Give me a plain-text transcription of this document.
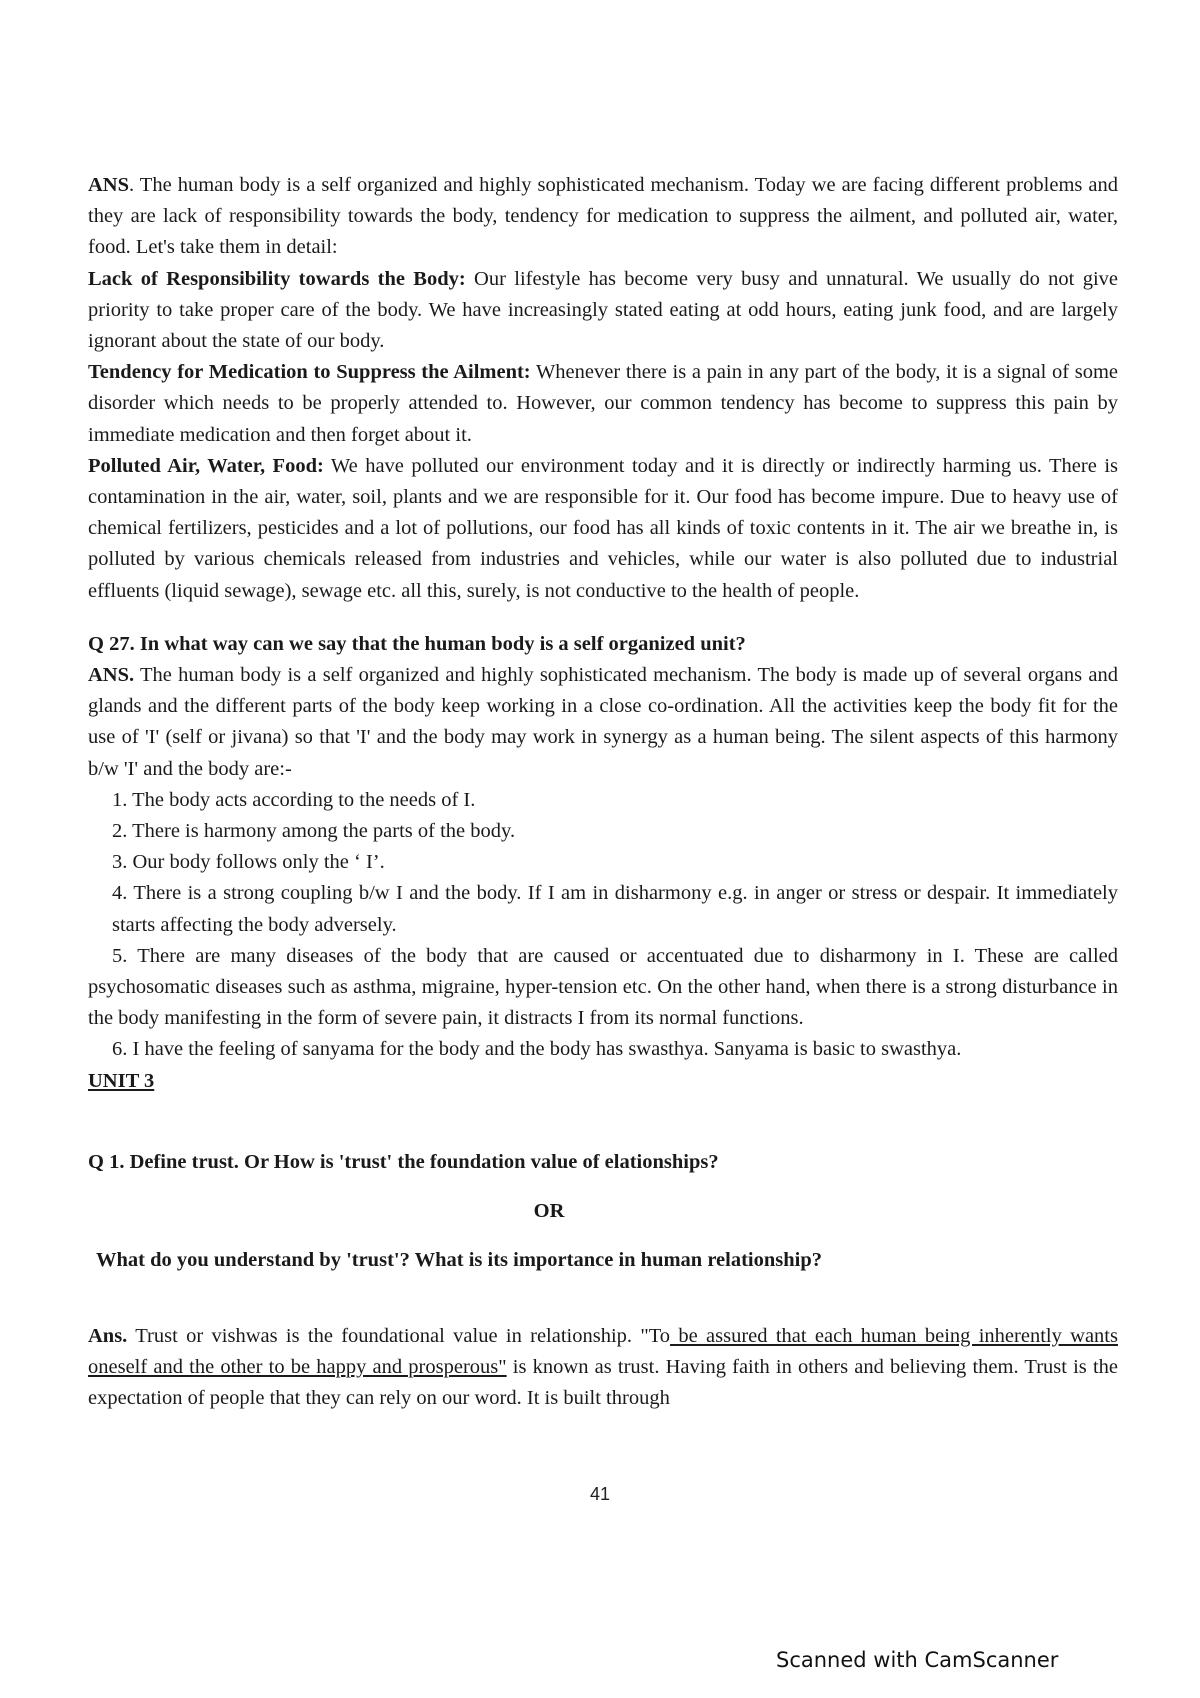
ANS. The human body is a self organized and highly sophisticated mechanism. Today we are facing different problems and they are lack of responsibility towards the body, tendency for medication to suppress the ailment, and polluted air, water, food. Let's take them in detail:

Lack of Responsibility towards the Body: Our lifestyle has become very busy and unnatural. We usually do not give priority to take proper care of the body. We have increasingly stated eating at odd hours, eating junk food, and are largely ignorant about the state of our body.

Tendency for Medication to Suppress the Ailment: Whenever there is a pain in any part of the body, it is a signal of some disorder which needs to be properly attended to. However, our common tendency has become to suppress this pain by immediate medication and then forget about it.

Polluted Air, Water, Food: We have polluted our environment today and it is directly or indirectly harming us. There is contamination in the air, water, soil, plants and we are responsible for it. Our food has become impure. Due to heavy use of chemical fertilizers, pesticides and a lot of pollutions, our food has all kinds of toxic contents in it. The air we breathe in, is polluted by various chemicals released from industries and vehicles, while our water is also polluted due to industrial effluents (liquid sewage), sewage etc. all this, surely, is not conductive to the health of people.

Q 27. In what way can we say that the human body is a self organized unit?

ANS. The human body is a self organized and highly sophisticated mechanism. The body is made up of several organs and glands and the different parts of the body keep working in a close co-ordination. All the activities keep the body fit for the use of 'I' (self or jivana) so that 'I' and the body may work in synergy as a human being. The silent aspects of this harmony b/w 'I' and the body are:-

1. The body acts according to the needs of I.

2. There is harmony among the parts of the body.

3. Our body follows only the ‘ I’.

4. There is a strong coupling b/w I and the body. If I am in disharmony e.g. in anger or stress or despair. It immediately starts affecting the body adversely.

5. There are many diseases of the body that are caused or accentuated due to disharmony in I. These are called psychosomatic diseases such as asthma, migraine, hyper-tension etc. On the other hand, when there is a strong disturbance in the body manifesting in the form of severe pain, it distracts I from its normal functions.

6. I have the feeling of sanyama for the body and the body has swasthya. Sanyama is basic to swasthya.

UNIT 3

Q 1. Define trust. Or How is 'trust' the foundation value of elationships?

OR

What do you understand by 'trust'? What is its importance in human relationship?

Ans. Trust or vishwas is the foundational value in relationship. "To be assured that each human being inherently wants oneself and the other to be happy and prosperous" is known as trust. Having faith in others and believing them. Trust is the expectation of people that they can rely on our word. It is built through

41
Scanned with CamScanner
